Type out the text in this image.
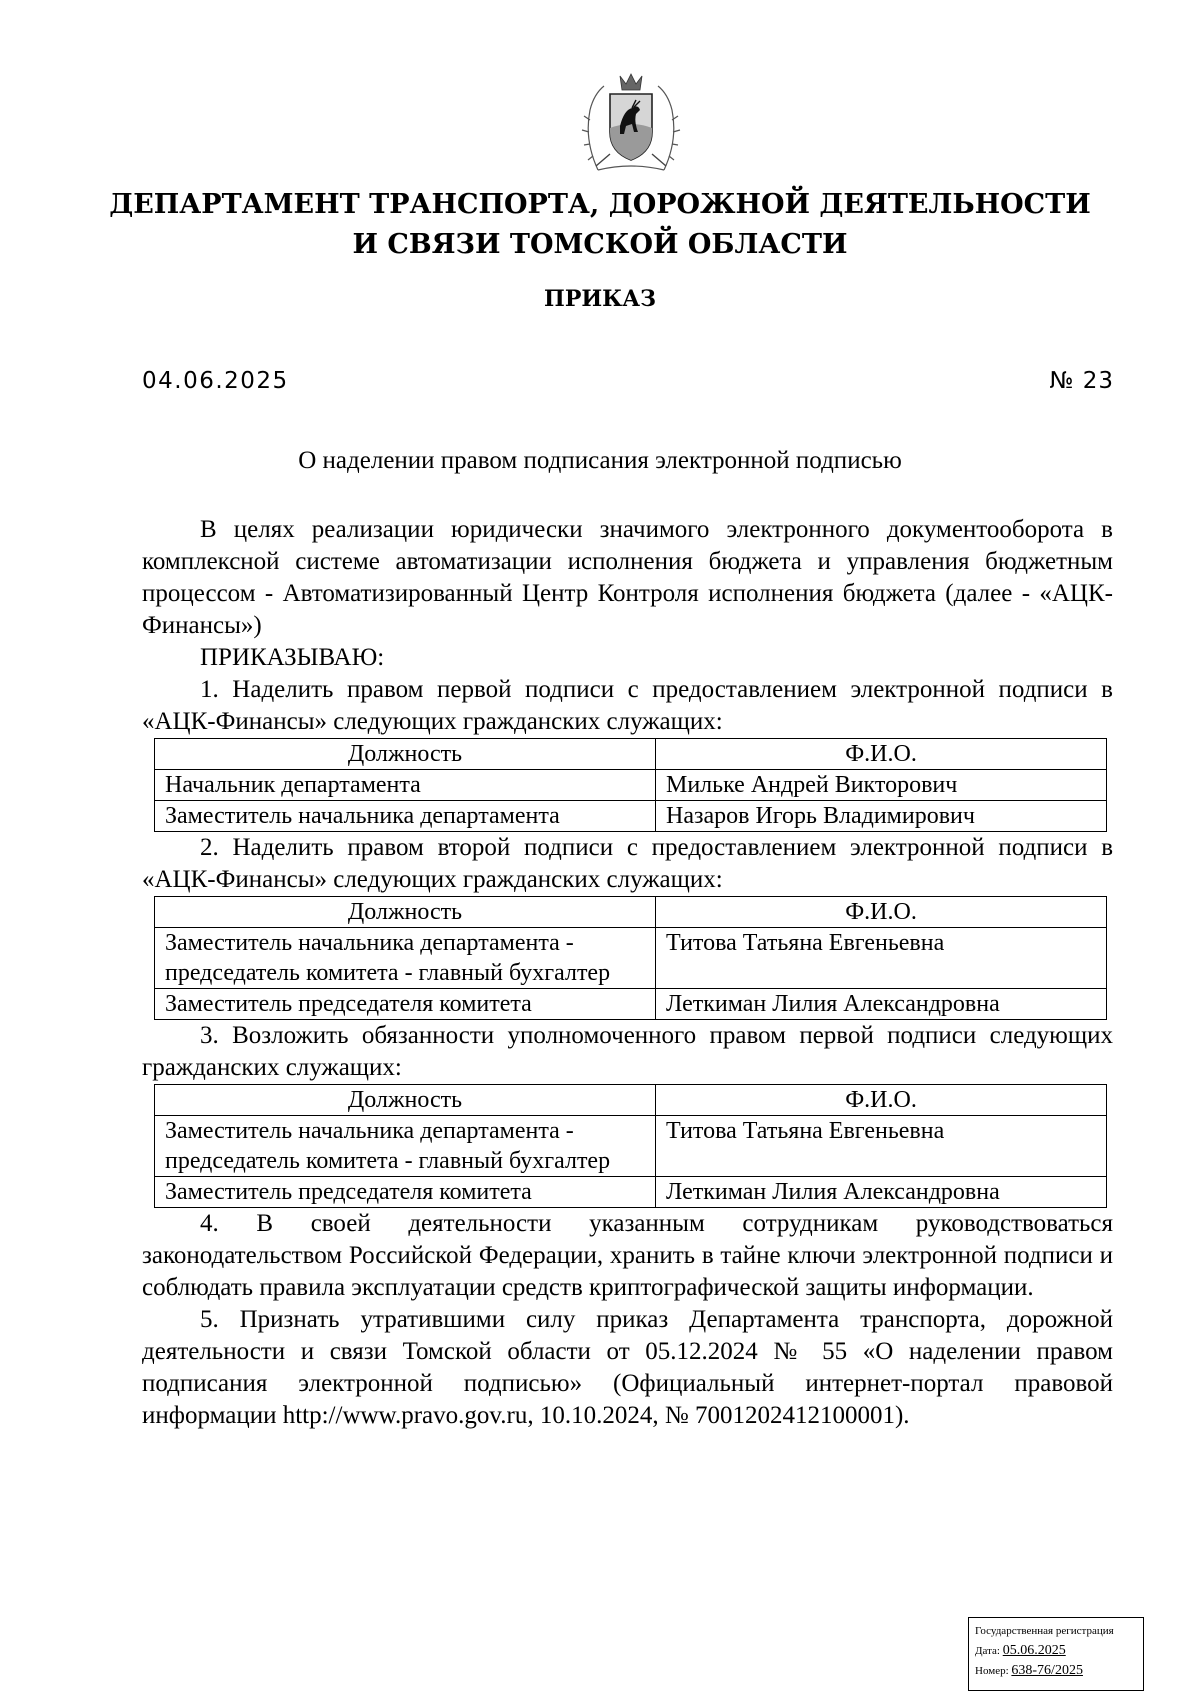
ДЕПАРТАМЕНТ ТРАНСПОРТА, ДОРОЖНОЙ ДЕЯТЕЛЬНОСТИ
И СВЯЗИ ТОМСКОЙ ОБЛАСТИ
ПРИКАЗ
04.06.2025	№ 23
О наделении правом подписания электронной подписью

В целях реализации юридически значимого электронного документооборота в комплексной системе автоматизации исполнения бюджета и управления бюджетным процессом - Автоматизированный Центр Контроля исполнения бюджета (далее - «АЦК-Финансы»)

ПРИКАЗЫВАЮ:

1. Наделить правом первой подписи с предоставлением электронной подписи в «АЦК-Финансы» следующих гражданских служащих:

Должность	Ф.И.О.
Начальник департамента	Мильке Андрей Викторович
Заместитель начальника департамента	Назаров Игорь Владимирович

2. Наделить правом второй подписи с предоставлением электронной подписи в «АЦК-Финансы» следующих гражданских служащих:

Должность	Ф.И.О.
Заместитель начальника департамента - председатель комитета - главный бухгалтер	Титова Татьяна Евгеньевна
Заместитель председателя комитета	Леткиман Лилия Александровна

3. Возложить обязанности уполномоченного правом первой подписи следующих гражданских служащих:

Должность	Ф.И.О.
Заместитель начальника департамента - председатель комитета - главный бухгалтер	Титова Татьяна Евгеньевна
Заместитель председателя комитета	Леткиман Лилия Александровна

4. В своей деятельности указанным сотрудникам руководствоваться законодательством Российской Федерации, хранить в тайне ключи электронной подписи и соблюдать правила эксплуатации средств криптографической защиты информации.

5. Признать утратившими силу приказ Департамента транспорта, дорожной деятельности и связи Томской области от 05.12.2024 № 55 «О наделении правом подписания электронной подписью» (Официальный интернет-портал правовой информации http://www.pravo.gov.ru, 10.10.2024, № 7001202412100001).

Государственная регистрация
Дата: 05.06.2025
Номер: 638-76/2025
